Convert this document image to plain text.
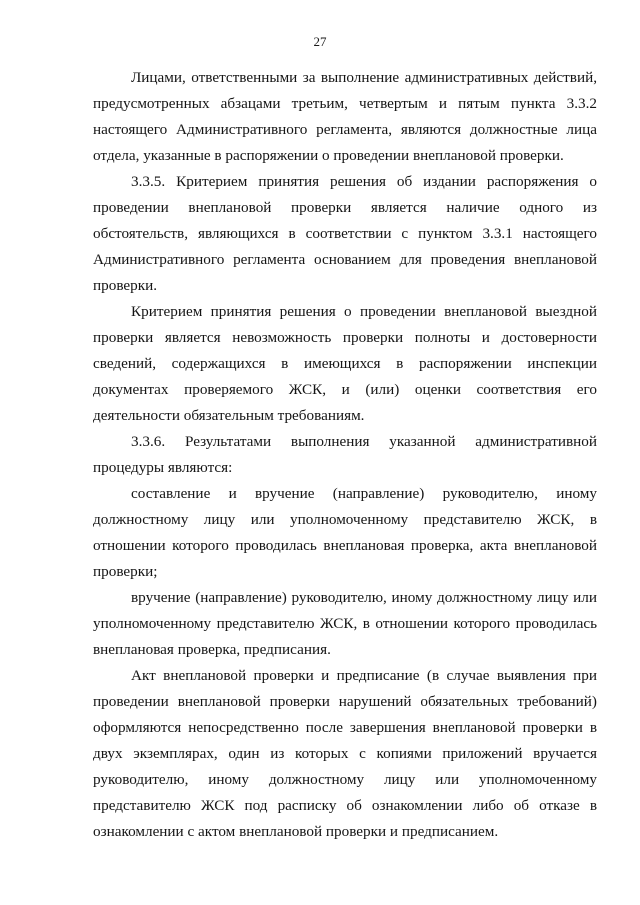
27

Лицами, ответственными за выполнение административных действий, предусмотренных абзацами третьим, четвертым и пятым пункта 3.3.2 настоящего Административного регламента, являются должностные лица отдела, указанные в распоряжении о проведении внеплановой проверки.

3.3.5. Критерием принятия решения об издании распоряжения о проведении внеплановой проверки является наличие одного из обстоятельств, являющихся в соответствии с пунктом 3.3.1 настоящего Административного регламента основанием для проведения внеплановой проверки.

Критерием принятия решения о проведении внеплановой выездной проверки является невозможность проверки полноты и достоверности сведений, содержащихся в имеющихся в распоряжении инспекции документах проверяемого ЖСК, и (или) оценки соответствия его деятельности обязательным требованиям.

3.3.6. Результатами выполнения указанной административной процедуры являются:

составление и вручение (направление) руководителю, иному должностному лицу или уполномоченному представителю ЖСК, в отношении которого проводилась внеплановая проверка, акта внеплановой проверки;

вручение (направление) руководителю, иному должностному лицу или уполномоченному представителю ЖСК, в отношении которого проводилась внеплановая проверка, предписания.

Акт внеплановой проверки и предписание (в случае выявления при проведении внеплановой проверки нарушений обязательных требований) оформляются непосредственно после завершения внеплановой проверки в двух экземплярах, один из которых с копиями приложений вручается руководителю, иному должностному лицу или уполномоченному представителю ЖСК под расписку об ознакомлении либо об отказе в ознакомлении с актом внеплановой проверки и предписанием.
